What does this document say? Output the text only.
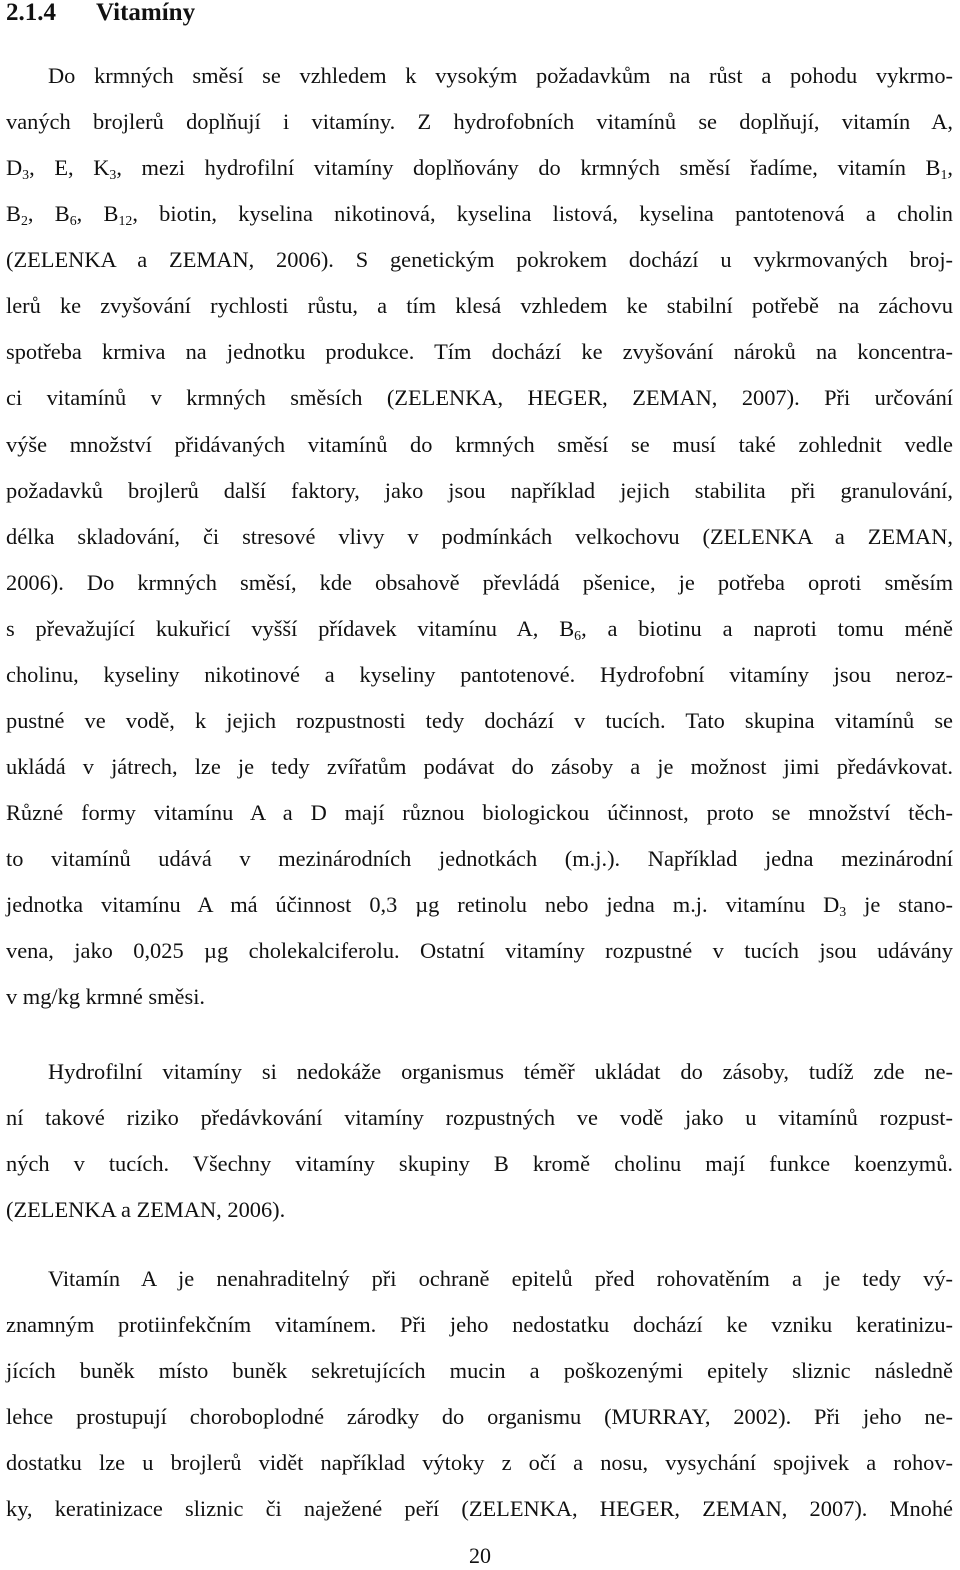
2.1.4 Vitamíny

Do krmných směsí se vzhledem k vysokým požadavkům na růst a pohodu vykrmo-

vaných brojlerů doplňují i vitamíny. Z hydrofobních vitamínů se doplňují, vitamín A,

$D_3$, E, $K_3$, mezi hydrofilní vitamíny doplňovány do krmných směsí řadíme, vitamín $B_1$,

$B_2$, $B_6$, $B_{12}$, biotin, kyselina nikotinová, kyselina listová, kyselina pantotenová a cholin

(ZELENKA a ZEMAN, 2006). S genetickým pokrokem dochází u vykrmovaných broj-

lerů ke zvyšování rychlosti růstu, a tím klesá vzhledem ke stabilní potřebě na záchovu

spotřeba krmiva na jednotku produkce. Tím dochází ke zvyšování nároků na koncentra-

ci vitamínů v krmných směsích (ZELENKA, HEGER, ZEMAN, 2007). Při určování

výše množství přidávaných vitamínů do krmných směsí se musí také zohlednit vedle

požadavků brojlerů další faktory, jako jsou například jejich stabilita při granulování,

délka skladování, či stresové vlivy v podmínkách velkochovu (ZELENKA a ZEMAN,

2006). Do krmných směsí, kde obsahově převládá pšenice, je potřeba oproti směsím

s převažující kukuřicí vyšší přídavek vitamínu A, $B_6$, a biotinu a naproti tomu méně

cholinu, kyseliny nikotinové a kyseliny pantotenové. Hydrofobní vitamíny jsou neroz-

pustné ve vodě, k jejich rozpustnosti tedy dochází v tucích. Tato skupina vitamínů se

ukládá v játrech, lze je tedy zvířatům podávat do zásoby a je možnost jimi předávkovat.

Různé formy vitamínu A a D mají různou biologickou účinnost, proto se množství těch-

to vitamínů udává v mezinárodních jednotkách (m.j.). Například jedna mezinárodní

jednotka vitamínu A má účinnost 0,3 µg retinolu nebo jedna m.j. vitamínu $D_3$ je stano-

vena, jako 0,025 µg cholekalciferolu. Ostatní vitamíny rozpustné v tucích jsou udávány

v mg/kg krmné směsi.

Hydrofilní vitamíny si nedokáže organismus téměř ukládat do zásoby, tudíž zde ne-

ní takové riziko předávkování vitamíny rozpustných ve vodě jako u vitamínů rozpust-

ných v tucích. Všechny vitamíny skupiny B kromě cholinu mají funkce koenzymů.

(ZELENKA a ZEMAN, 2006).

Vitamín A je nenahraditelný při ochraně epitelů před rohovatěním a je tedy vý-

znamným protiinfekčním vitamínem. Při jeho nedostatku dochází ke vzniku keratinizu-

jících buněk místo buněk sekretujících mucin a poškozenými epitely sliznic následně

lehce prostupují choroboplodné zárodky do organismu (MURRAY, 2002). Při jeho ne-

dostatku lze u brojlerů vidět například výtoky z očí a nosu, vysychání spojivek a rohov-

ky, keratinizace sliznic či naježené peří (ZELENKA, HEGER, ZEMAN, 2007). Mnohé

20
